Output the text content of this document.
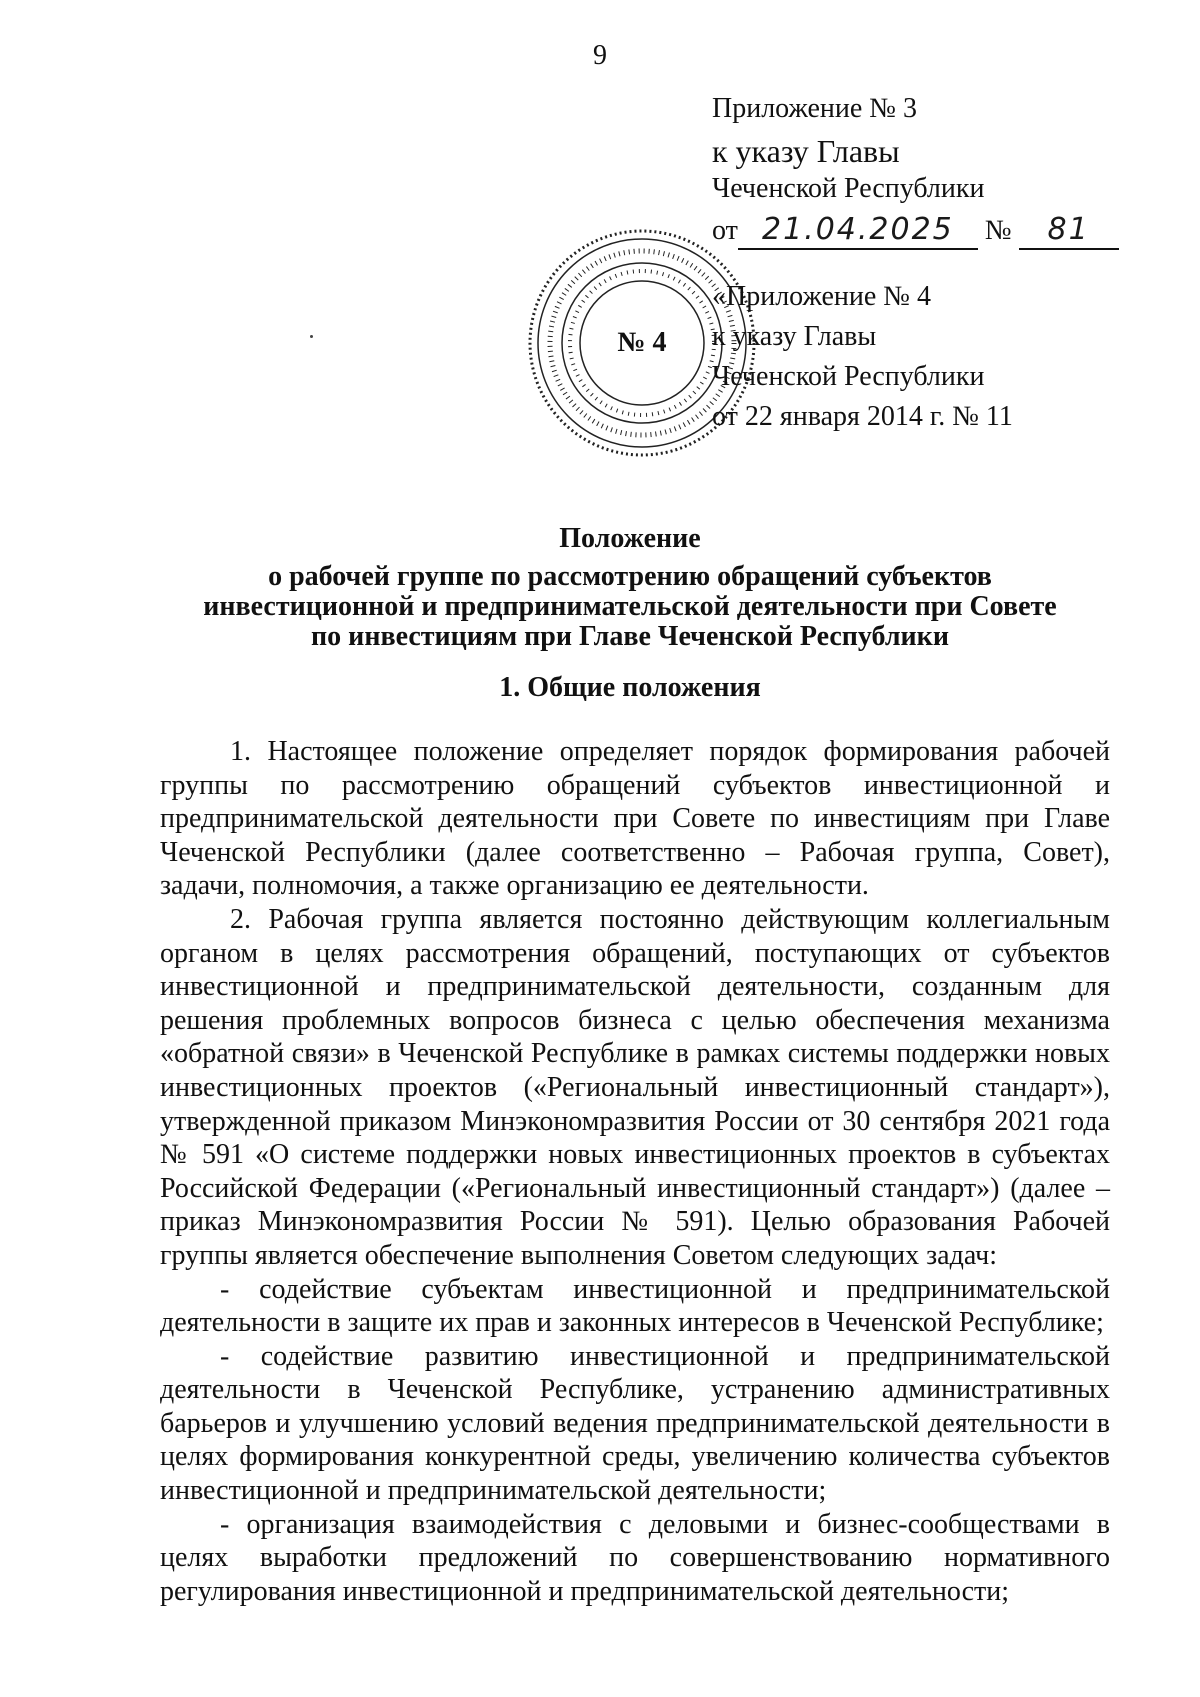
9
Приложение № 3
к указу Главы
Чеченской Республики
от 21.04.2025 № 81
№ 4
«Приложение № 4
к указу Главы
Чеченской Республики
от 22 января 2014 г. № 11
Положение
о рабочей группе по рассмотрению обращений субъектов
инвестиционной и предпринимательской деятельности при Совете
по инвестициям при Главе Чеченской Республики
1. Общие положения

1. Настоящее положение определяет порядок формирования рабочей группы по рассмотрению обращений субъектов инвестиционной и предпринимательской деятельности при Совете по инвестициям при Главе Чеченской Республики (далее соответственно – Рабочая группа, Совет), задачи, полномочия, а также организацию ее деятельности.

2. Рабочая группа является постоянно действующим коллегиальным органом в целях рассмотрения обращений, поступающих от субъектов инвестиционной и предпринимательской деятельности, созданным для решения проблемных вопросов бизнеса с целью обеспечения механизма «обратной связи» в Чеченской Республике в рамках системы поддержки новых инвестиционных проектов («Региональный инвестиционный стандарт»), утвержденной приказом Минэкономразвития России от 30 сентября 2021 года № 591 «О системе поддержки новых инвестиционных проектов в субъектах Российской Федерации («Региональный инвестиционный стандарт») (далее – приказ Минэкономразвития России № 591). Целью образования Рабочей группы является обеспечение выполнения Советом следующих задач:

- содействие субъектам инвестиционной и предпринимательской деятельности в защите их прав и законных интересов в Чеченской Республике;

- содействие развитию инвестиционной и предпринимательской деятельности в Чеченской Республике, устранению административных барьеров и улучшению условий ведения предпринимательской деятельности в целях формирования конкурентной среды, увеличению количества субъектов инвестиционной и предпринимательской деятельности;

- организация взаимодействия с деловыми и бизнес-сообществами в целях выработки предложений по совершенствованию нормативного регулирования инвестиционной и предпринимательской деятельности;
